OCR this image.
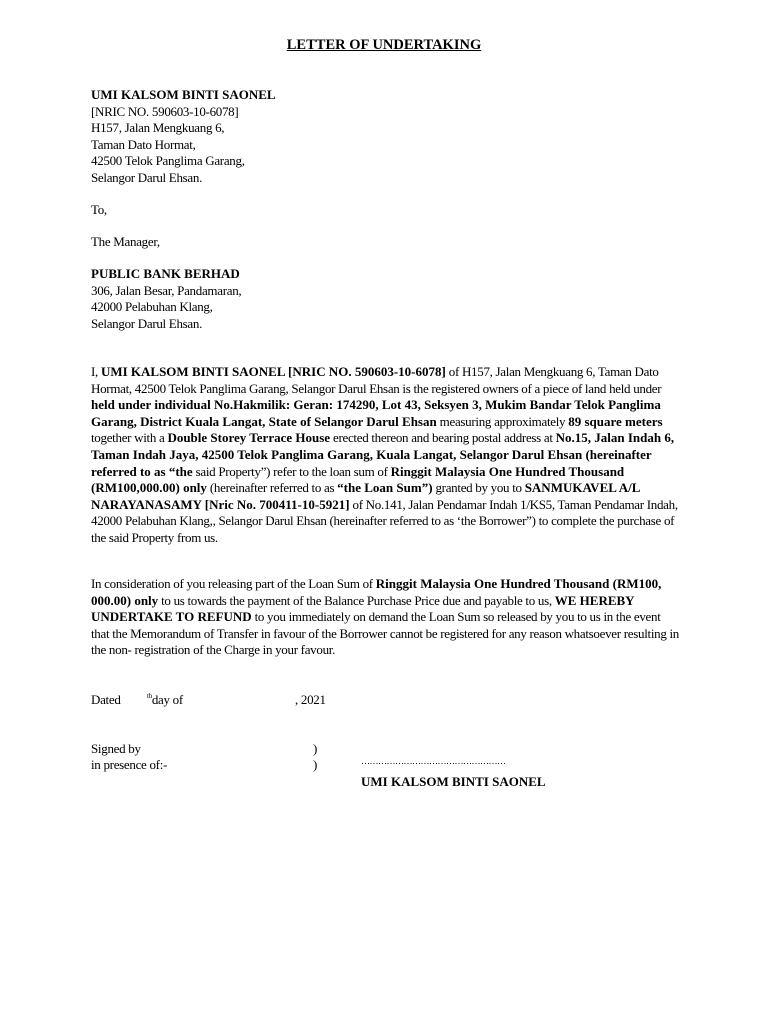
LETTER OF UNDERTAKING
UMI KALSOM BINTI SAONEL
[NRIC NO. 590603-10-6078]
H157, Jalan Mengkuang 6,
Taman Dato Hormat,
42500 Telok Panglima Garang,
Selangor Darul Ehsan.
To,
The Manager,
PUBLIC BANK BERHAD
306, Jalan Besar, Pandamaran,
42000 Pelabuhan Klang,
Selangor Darul Ehsan.
I, UMI KALSOM BINTI SAONEL [NRIC NO. 590603-10-6078] of H157, Jalan Mengkuang 6, Taman Dato Hormat, 42500 Telok Panglima Garang, Selangor Darul Ehsan is the registered owners of a piece of land held under held under individual No.Hakmilik: Geran: 174290, Lot 43, Seksyen 3, Mukim Bandar Telok Panglima Garang, District Kuala Langat, State of Selangor Darul Ehsan measuring approximately 89 square meters together with a Double Storey Terrace House erected thereon and bearing postal address at No.15, Jalan Indah 6, Taman Indah Jaya, 42500 Telok Panglima Garang, Kuala Langat, Selangor Darul Ehsan (hereinafter referred to as “the said Property”) refer to the loan sum of Ringgit Malaysia One Hundred Thousand (RM100,000.00) only (hereinafter referred to as “the Loan Sum”) granted by you to SANMUKAVEL A/L NARAYANASAMY [Nric No. 700411-10-5921] of No.141, Jalan Pendamar Indah 1/KS5, Taman Pendamar Indah, 42000 Pelabuhan Klang,, Selangor Darul Ehsan (hereinafter referred to as ‘the Borrower”) to complete the purchase of the said Property from us.
In consideration of you releasing part of the Loan Sum of Ringgit Malaysia One Hundred Thousand (RM100, 000.00) only to us towards the payment of the Balance Purchase Price due and payable to us, WE HEREBY UNDERTAKE TO REFUND to you immediately on demand the Loan Sum so released by you to us in the event that the Memorandum of Transfer in favour of the Borrower cannot be registered for any reason whatsoever resulting in the non- registration of the Charge in your favour.
Dated	$^{th}$day of	, 2021
Signed by	)
in presence of:-	)	……………………………………………
UMI KALSOM BINTI SAONEL
